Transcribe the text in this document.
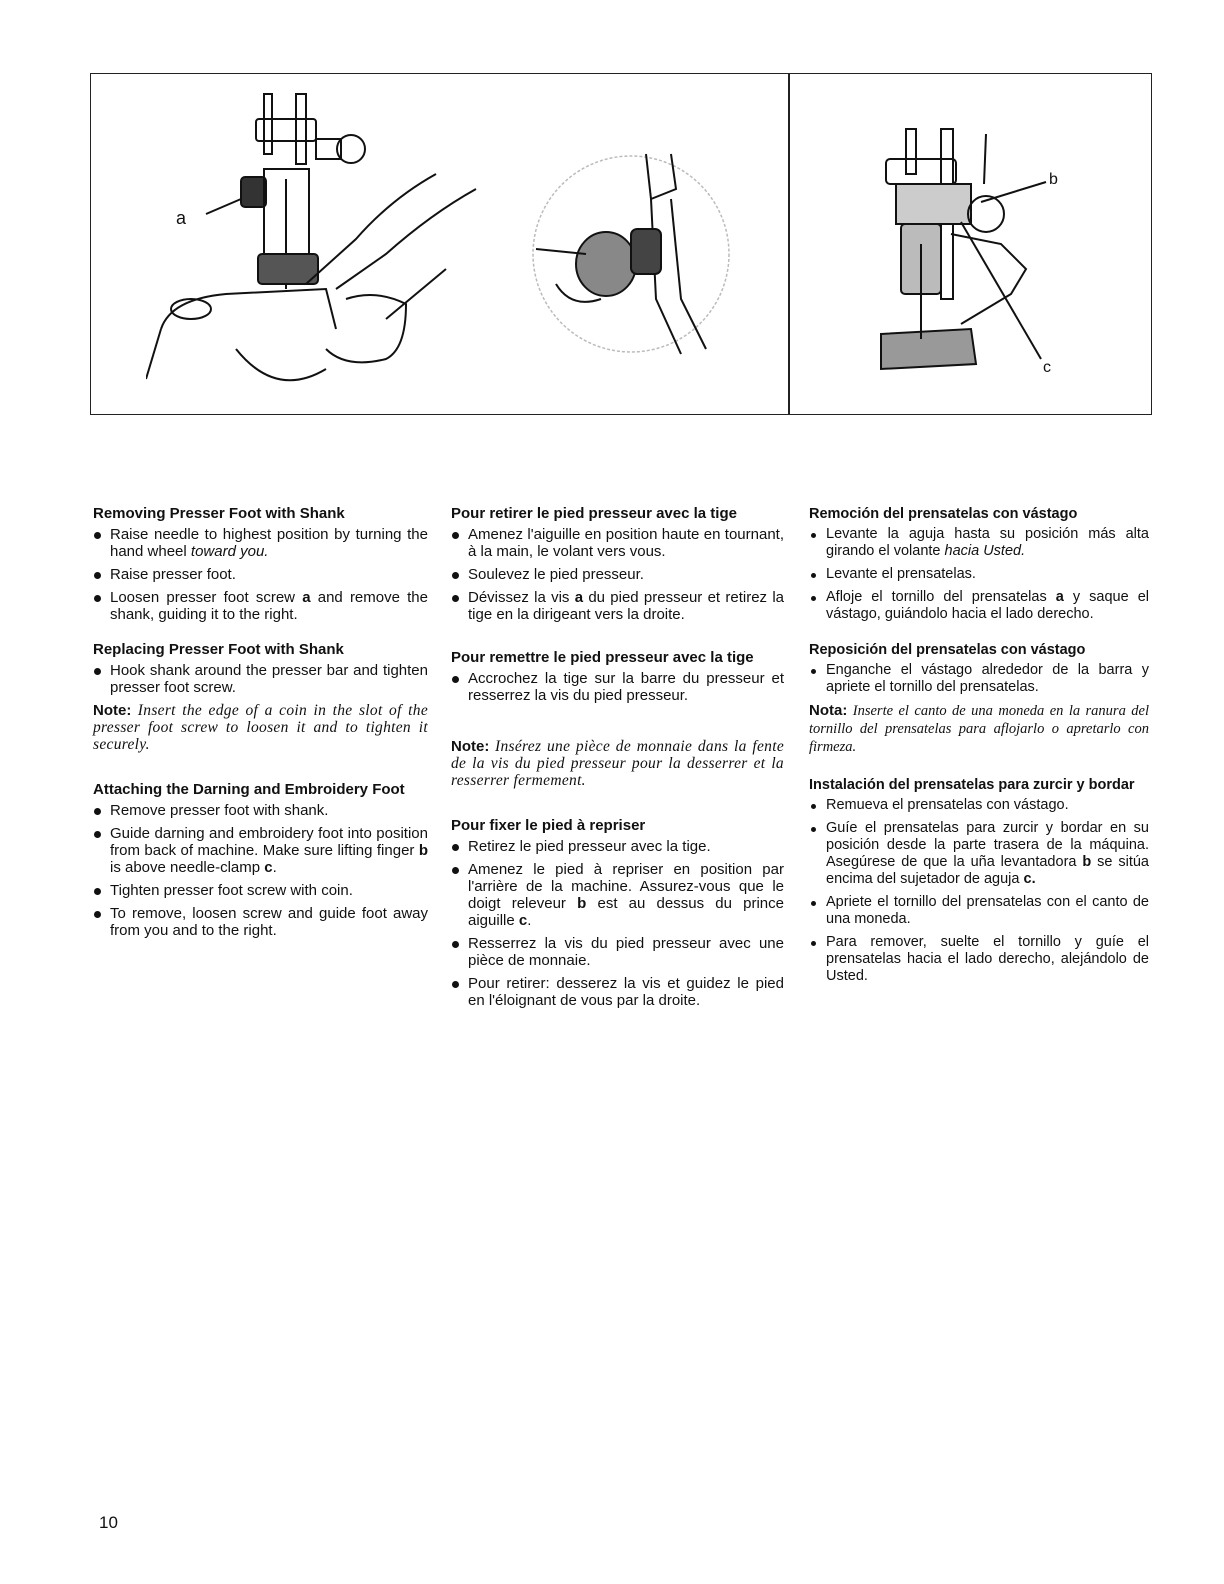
a
b
c
Removing Presser Foot with Shank
Raise needle to highest position by turning the hand wheel toward you.
Raise presser foot.
Loosen presser foot screw a and remove the shank, guiding it to the right.
Replacing Presser Foot with Shank
Hook shank around the presser bar and tighten presser foot screw.

Note: Insert the edge of a coin in the slot of the presser foot screw to loosen it and to tighten it securely.

Attaching the Darning and Embroidery Foot
Remove presser foot with shank.
Guide darning and embroidery foot into position from back of machine. Make sure lifting finger b is above needle-clamp c.
Tighten presser foot screw with coin.
To remove, loosen screw and guide foot away from you and to the right.
Pour retirer le pied presseur avec la tige
Amenez l'aiguille en position haute en tournant, à la main, le volant vers vous.
Soulevez le pied presseur.
Dévissez la vis a du pied presseur et retirez la tige en la dirigeant vers la droite.
Pour remettre le pied presseur avec la tige
Accrochez la tige sur la barre du presseur et resserrez la vis du pied presseur.

Note: Insérez une pièce de monnaie dans la fente de la vis du pied presseur pour la desserrer et la resserrer fermement.

Pour fixer le pied à repriser
Retirez le pied presseur avec la tige.
Amenez le pied à repriser en position par l'arrière de la machine. Assurez-vous que le doigt releveur b est au dessus du prince aiguille c.
Resserrez la vis du pied presseur avec une pièce de monnaie.
Pour retirer: desserez la vis et guidez le pied en l'éloignant de vous par la droite.
Remoción del prensatelas con vástago
Levante la aguja hasta su posición más alta girando el volante hacia Usted.
Levante el prensatelas.
Afloje el tornillo del prensatelas a y saque el vástago, guiándolo hacia el lado derecho.
Reposición del prensatelas con vástago
Enganche el vástago alrededor de la barra y apriete el tornillo del prensatelas.

Nota: Inserte el canto de una moneda en la ranura del tornillo del prensatelas para aflojarlo o apretarlo con firmeza.

Instalación del prensatelas para zurcir y bordar
Remueva el prensatelas con vástago.
Guíe el prensatelas para zurcir y bordar en su posición desde la parte trasera de la máquina. Asegúrese de que la uña levantadora b se sitúa encima del sujetador de aguja c.
Apriete el tornillo del prensatelas con el canto de una moneda.
Para remover, suelte el tornillo y guíe el prensatelas hacia el lado derecho, alejándolo de Usted.
10
